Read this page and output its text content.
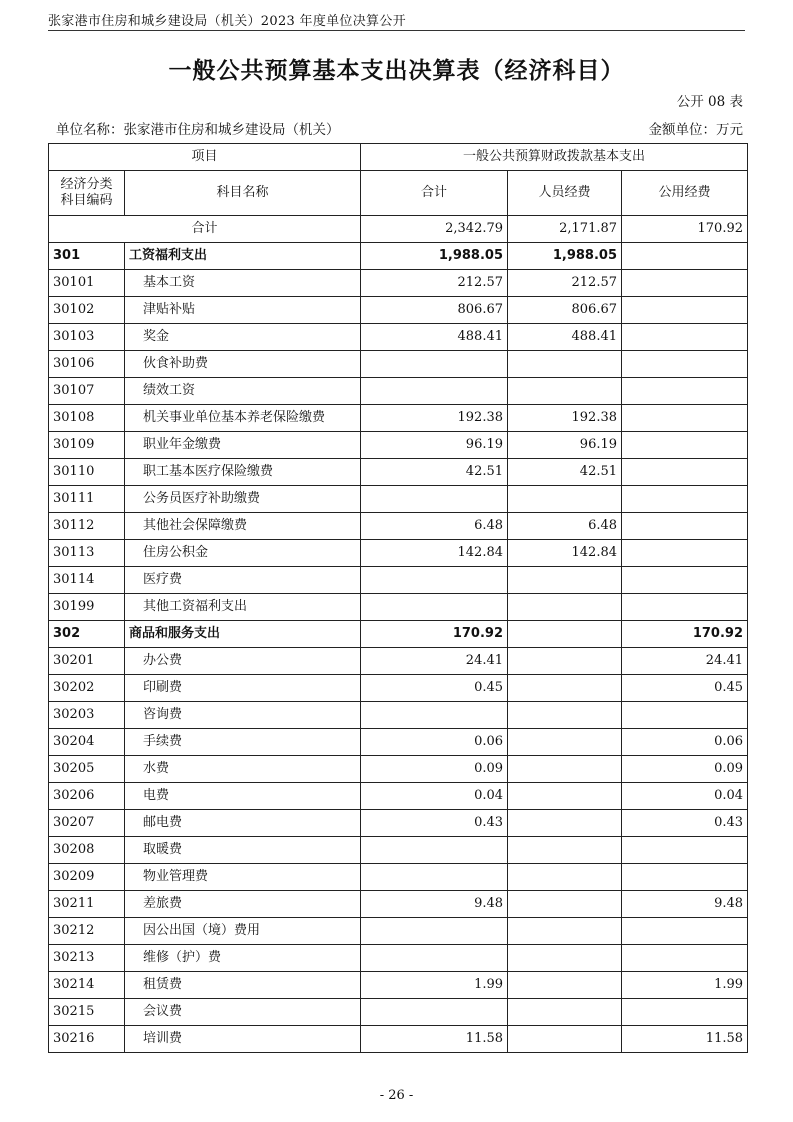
张家港市住房和城乡建设局（机关）2023 年度单位决算公开
一般公共预算基本支出决算表（经济科目）
公开 08 表
单位名称：张家港市住房和城乡建设局（机关）	金额单位：万元
项目		一般公共预算财政拨款基本支出		
经济分类
科目编码	科目名称	合计	人员经费	公用经费
合计		2,342.79	2,171.87	170.92
301	工资福利支出	1,988.05	1,988.05	
30101	基本工资	212.57	212.57	
30102	津贴补贴	806.67	806.67	
30103	奖金	488.41	488.41	
30106	伙食补助费			
30107	绩效工资			
30108	机关事业单位基本养老保险缴费	192.38	192.38	
30109	职业年金缴费	96.19	96.19	
30110	职工基本医疗保险缴费	42.51	42.51	
30111	公务员医疗补助缴费			
30112	其他社会保障缴费	6.48	6.48	
30113	住房公积金	142.84	142.84	
30114	医疗费			
30199	其他工资福利支出			
302	商品和服务支出	170.92		170.92
30201	办公费	24.41		24.41
30202	印刷费	0.45		0.45
30203	咨询费			
30204	手续费	0.06		0.06
30205	水费	0.09		0.09
30206	电费	0.04		0.04
30207	邮电费	0.43		0.43
30208	取暖费			
30209	物业管理费			
30211	差旅费	9.48		9.48
30212	因公出国（境）费用			
30213	维修（护）费			
30214	租赁费	1.99		1.99
30215	会议费			
30216	培训费	11.58		11.58
- 26 -
